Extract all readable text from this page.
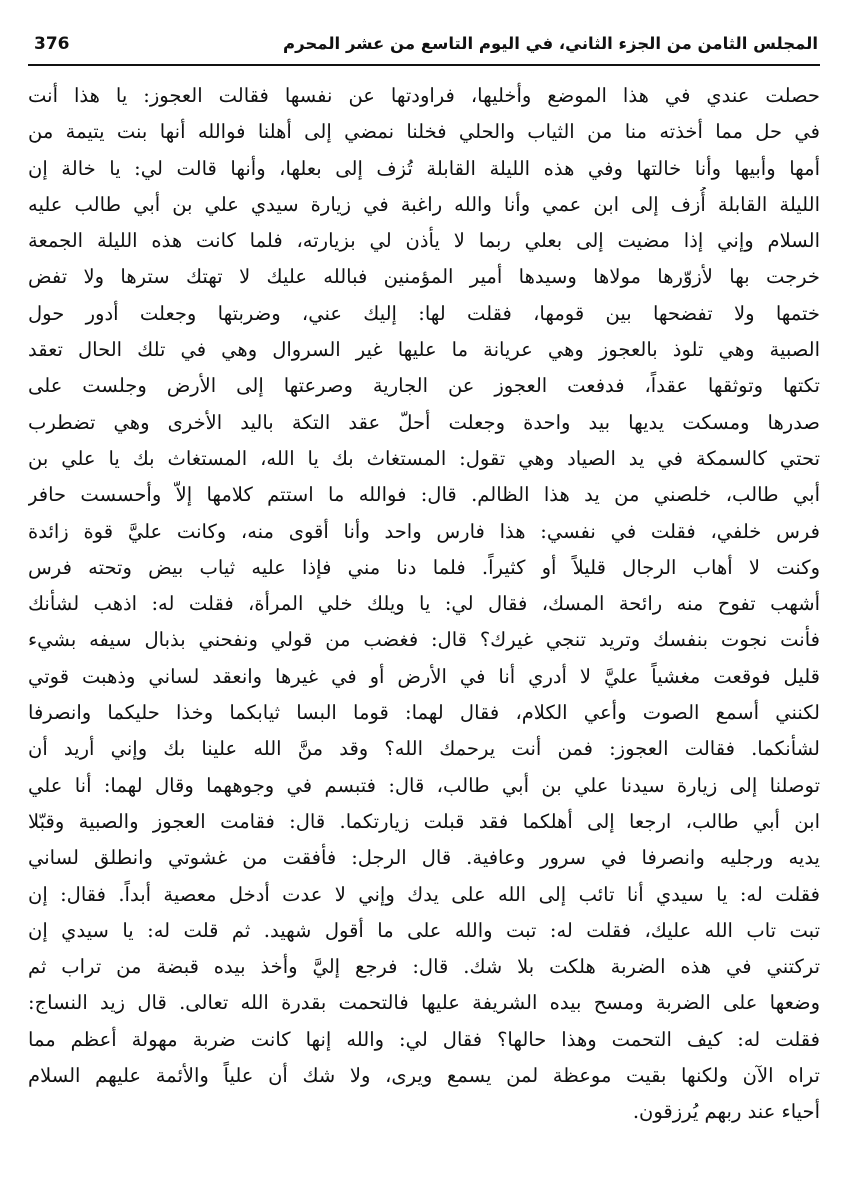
المجلس الثامن من الجزء الثاني، في اليوم التاسع من عشر المحرم
376
حصلت عندي في هذا الموضع وأخليها، فراودتها عن نفسها فقالت العجوز: يا هذا أنت
في حل مما أخذته منا من الثياب والحلي فخلنا نمضي إلى أهلنا فوالله أنها بنت يتيمة من
أمها وأبيها وأنا خالتها وفي هذه الليلة القابلة تُزف إلى بعلها، وأنها قالت لي: يا خالة إن
الليلة القابلة أُزف إلى ابن عمي وأنا والله راغبة في زيارة سيدي علي بن أبي طالب عليه
السلام وإني إذا مضيت إلى بعلي ربما لا يأذن لي بزيارته، فلما كانت هذه الليلة الجمعة
خرجت بها لأزوّرها مولاها وسيدها أمير المؤمنين فبالله عليك لا تهتك سترها ولا تفض
ختمها ولا تفضحها بين قومها، فقلت لها: إليك عني، وضربتها وجعلت أدور حول
الصبية وهي تلوذ بالعجوز وهي عريانة ما عليها غير السروال وهي في تلك الحال تعقد
تكتها وتوثقها عقداً، فدفعت العجوز عن الجارية وصرعتها إلى الأرض وجلست على
صدرها ومسكت يديها بيد واحدة وجعلت أحلّ عقد التكة باليد الأخرى وهي تضطرب
تحتي كالسمكة في يد الصياد وهي تقول: المستغاث بك يا الله، المستغاث بك يا علي بن
أبي طالب، خلصني من يد هذا الظالم. قال: فوالله ما استتم كلامها إلاّ وأحسست حافر
فرس خلفي، فقلت في نفسي: هذا فارس واحد وأنا أقوى منه، وكانت عليَّ قوة زائدة
وكنت لا أهاب الرجال قليلاً أو كثيراً. فلما دنا مني فإذا عليه ثياب بيض وتحته فرس
أشهب تفوح منه رائحة المسك، فقال لي: يا ويلك خلي المرأة، فقلت له: اذهب لشأنك
فأنت نجوت بنفسك وتريد تنجي غيرك؟ قال: فغضب من قولي ونفحني بذبال سيفه بشيء
قليل فوقعت مغشياً عليَّ لا أدري أنا في الأرض أو في غيرها وانعقد لساني وذهبت قوتي
لكنني أسمع الصوت وأعي الكلام، فقال لهما: قوما البسا ثيابكما وخذا حليكما وانصرفا
لشأنكما. فقالت العجوز: فمن أنت يرحمك الله؟ وقد منَّ الله علينا بك وإني أريد أن
توصلنا إلى زيارة سيدنا علي بن أبي طالب، قال: فتبسم في وجوههما وقال لهما: أنا علي
ابن أبي طالب، ارجعا إلى أهلكما فقد قبلت زيارتكما. قال: فقامت العجوز والصبية وقبّلا
يديه ورجليه وانصرفا في سرور وعافية. قال الرجل: فأفقت من غشوتي وانطلق لساني
فقلت له: يا سيدي أنا تائب إلى الله على يدك وإني لا عدت أدخل معصية أبداً. فقال: إن
تبت تاب الله عليك، فقلت له: تبت والله على ما أقول شهيد. ثم قلت له: يا سيدي إن
تركتني في هذه الضربة هلكت بلا شك. قال: فرجع إليَّ وأخذ بيده قبضة من تراب ثم
وضعها على الضربة ومسح بيده الشريفة عليها فالتحمت بقدرة الله تعالى. قال زيد النساج:
فقلت له: كيف التحمت وهذا حالها؟ فقال لي: والله إنها كانت ضربة مهولة أعظم مما
تراه الآن ولكنها بقيت موعظة لمن يسمع ويرى، ولا شك أن علياً والأئمة عليهم السلام
أحياء عند ربهم يُرزقون.
